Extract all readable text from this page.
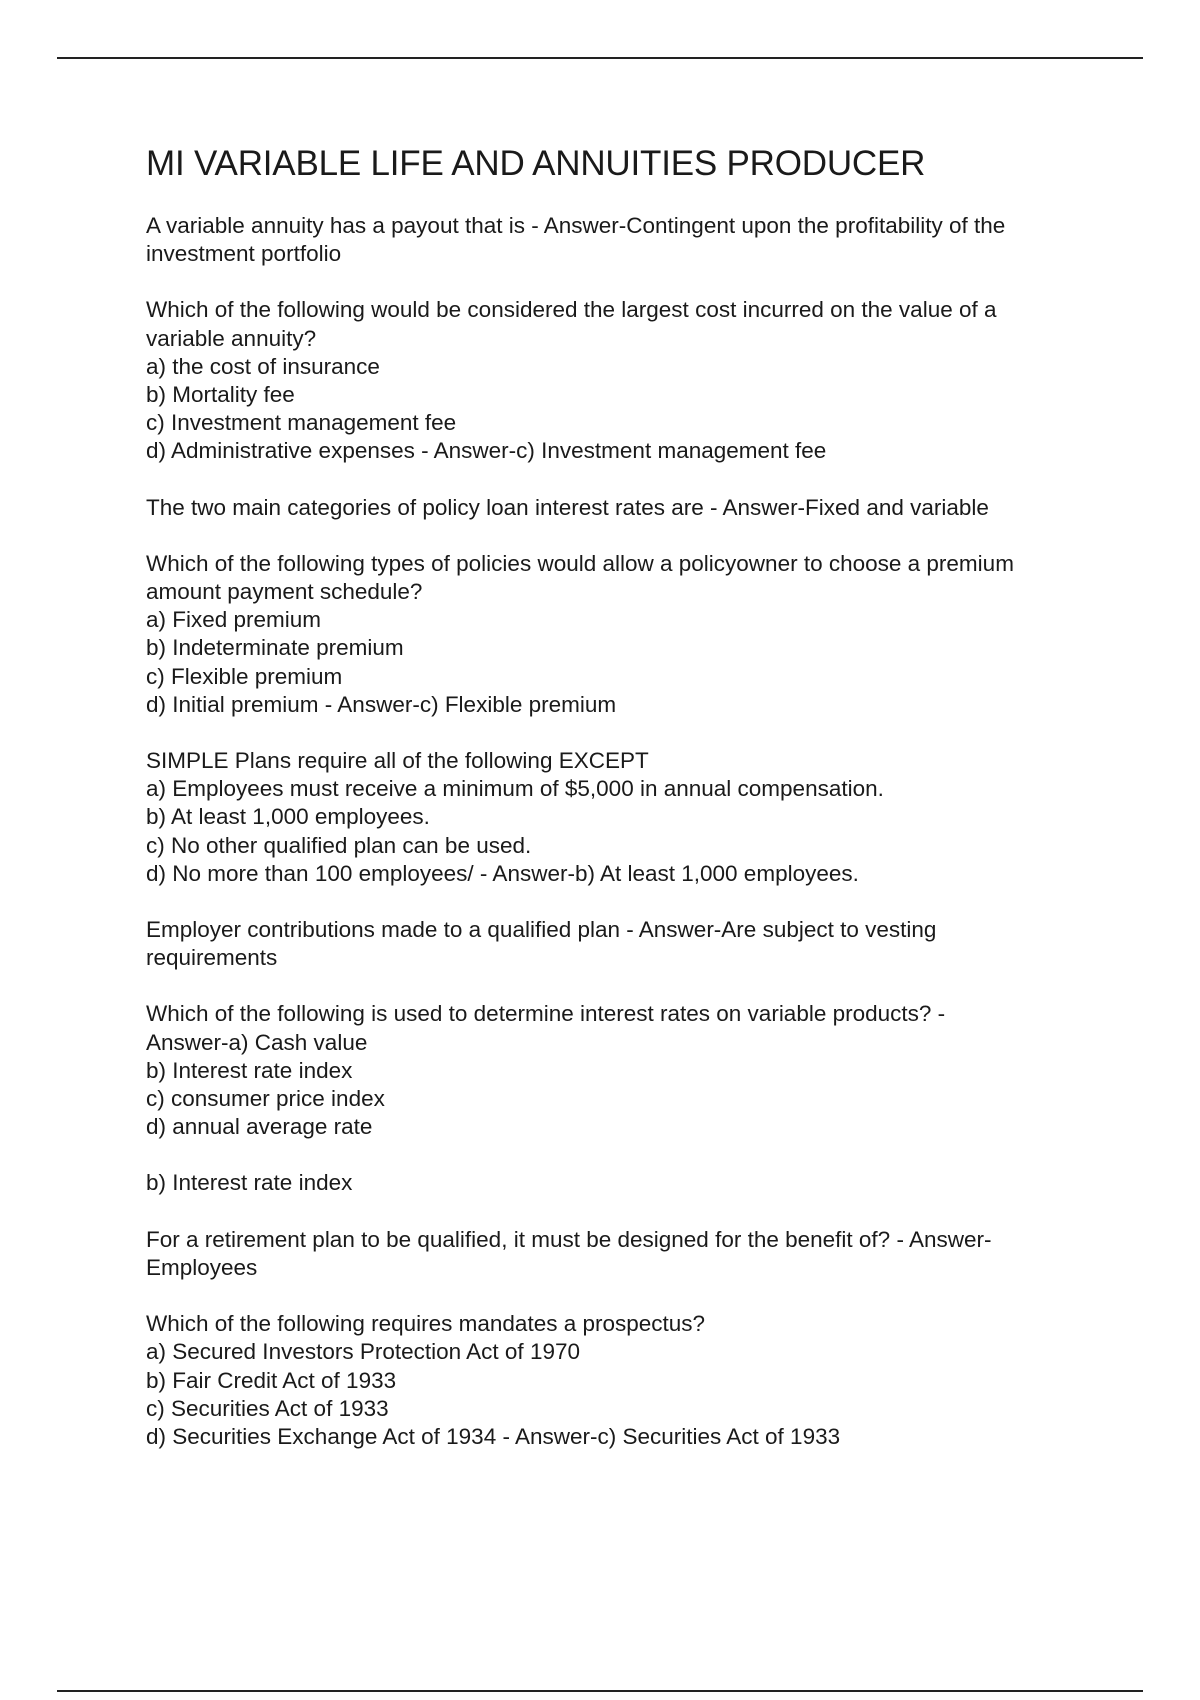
MI VARIABLE LIFE AND ANNUITIES PRODUCER
A variable annuity has a payout that is - Answer-Contingent upon the profitability of the
investment portfolio
Which of the following would be considered the largest cost incurred on the value of a
variable annuity?
a) the cost of insurance
b) Mortality fee
c) Investment management fee
d) Administrative expenses - Answer-c) Investment management fee
The two main categories of policy loan interest rates are - Answer-Fixed and variable
Which of the following types of policies would allow a policyowner to choose a premium
amount payment schedule?
a) Fixed premium
b) Indeterminate premium
c) Flexible premium
d) Initial premium - Answer-c) Flexible premium
SIMPLE Plans require all of the following EXCEPT
a) Employees must receive a minimum of $5,000 in annual compensation.
b) At least 1,000 employees.
c) No other qualified plan can be used.
d) No more than 100 employees/ - Answer-b) At least 1,000 employees.
Employer contributions made to a qualified plan - Answer-Are subject to vesting
requirements
Which of the following is used to determine interest rates on variable products? -
Answer-a) Cash value
b) Interest rate index
c) consumer price index
d) annual average rate
b) Interest rate index
For a retirement plan to be qualified, it must be designed for the benefit of? - Answer-
Employees
Which of the following requires mandates a prospectus?
a) Secured Investors Protection Act of 1970
b) Fair Credit Act of 1933
c) Securities Act of 1933
d) Securities Exchange Act of 1934 - Answer-c) Securities Act of 1933
